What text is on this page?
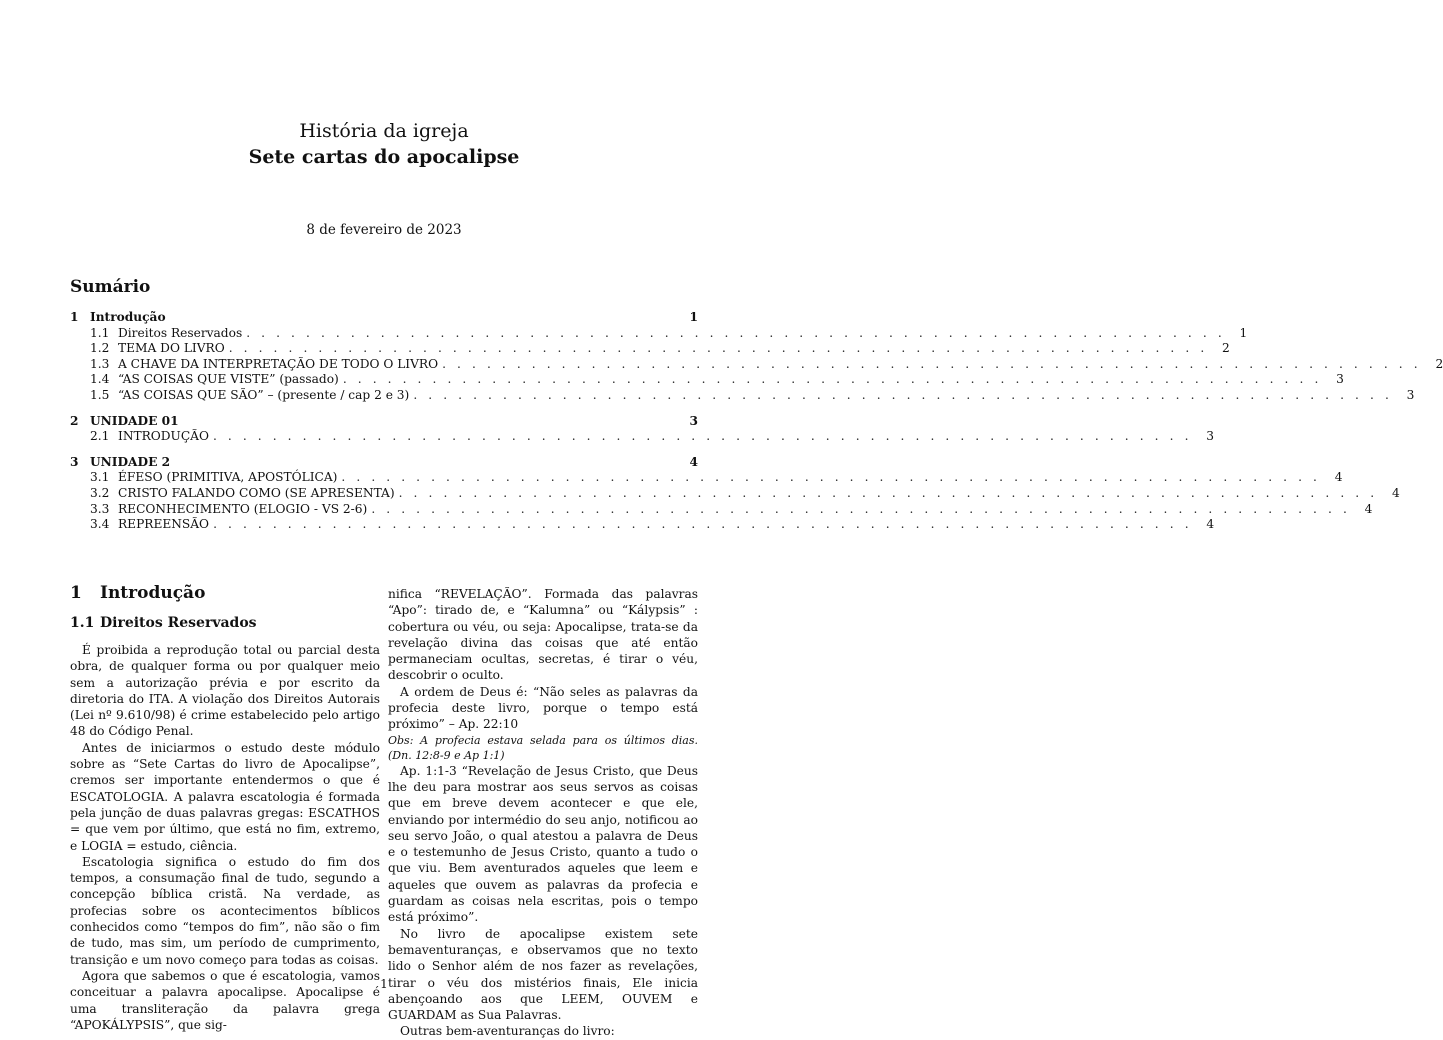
História da igreja
Sete cartas do apocalipse
8 de fevereiro de 2023
Sumário
1 Introdução	1
1.1 Direitos Reservados . . . . . . . . . . . . . . . . . . . . . . . . . . . . . . . . . . . . . . . . . . . . . . . . . . . . . . . . . . . . . . . . . .	1
1.2 TEMA DO LIVRO . . . . . . . . . . . . . . . . . . . . . . . . . . . . . . . . . . . . . . . . . . . . . . . . . . . . . . . . . . . . . . . . . .	2
1.3 A CHAVE DA INTERPRETAÇÃO DE TODO O LIVRO . . . . . . . . . . . . . . . . . . . . . . . . . . . . . . . . . . . . . . . . . . . . . . . . . . . . . . . . . . . . . . . . . .	2
1.4 “AS COISAS QUE VISTE” (passado) . . . . . . . . . . . . . . . . . . . . . . . . . . . . . . . . . . . . . . . . . . . . . . . . . . . . . . . . . . . . . . . . . .	3
1.5 “AS COISAS QUE SÃO” – (presente / cap 2 e 3) . . . . . . . . . . . . . . . . . . . . . . . . . . . . . . . . . . . . . . . . . . . . . . . . . . . . . . . . . . . . . . . . . .	3
2 UNIDADE 01	3
2.1 INTRODUÇÃO . . . . . . . . . . . . . . . . . . . . . . . . . . . . . . . . . . . . . . . . . . . . . . . . . . . . . . . . . . . . . . . . . .	3
3 UNIDADE 2	4
3.1 ÉFESO (PRIMITIVA, APOSTÓLICA) . . . . . . . . . . . . . . . . . . . . . . . . . . . . . . . . . . . . . . . . . . . . . . . . . . . . . . . . . . . . . . . . . .	4
3.2 CRISTO FALANDO COMO (SE APRESENTA) . . . . . . . . . . . . . . . . . . . . . . . . . . . . . . . . . . . . . . . . . . . . . . . . . . . . . . . . . . . . . . . . . .	4
3.3 RECONHECIMENTO (ELOGIO - VS 2-6) . . . . . . . . . . . . . . . . . . . . . . . . . . . . . . . . . . . . . . . . . . . . . . . . . . . . . . . . . . . . . . . . . .	4
3.4 REPREENSÃO . . . . . . . . . . . . . . . . . . . . . . . . . . . . . . . . . . . . . . . . . . . . . . . . . . . . . . . . . . . . . . . . . .	4
1	Introdução
1.1 Direitos Reservados

É proibida a reprodução total ou parcial desta obra, de qualquer forma ou por qualquer meio sem a autorização prévia e por escrito da diretoria do ITA. A violação dos Direitos Autorais (Lei nº 9.610/98) é crime estabelecido pelo artigo 48 do Código Penal.

Antes de iniciarmos o estudo deste módulo sobre as “Sete Cartas do livro de Apocalipse”, cremos ser importante entendermos o que é ESCATOLOGIA. A palavra escatologia é formada pela junção de duas palavras gregas: ESCATHOS = que vem por último, que está no fim, extremo, e LOGIA = estudo, ciência.

Escatologia significa o estudo do fim dos tempos, a consumação final de tudo, segundo a concepção bíblica cristã. Na verdade, as profecias sobre os acontecimentos bíblicos conhecidos como “tempos do fim”, não são o fim de tudo, mas sim, um período de cumprimento, transição e um novo começo para todas as coisas.

Agora que sabemos o que é escatologia, vamos conceituar a palavra apocalipse. Apocalipse é uma transliteração da palavra grega “APOKÁLYPSIS”, que sig-

nifica “REVELAÇÃO”. Formada das palavras “Apo”: tirado de, e “Kalumna” ou “Kálypsis” : cobertura ou véu, ou seja: Apocalipse, trata-se da revelação divina das coisas que até então permaneciam ocultas, secretas, é tirar o véu, descobrir o oculto.

A ordem de Deus é: “Não seles as palavras da profecia deste livro, porque o tempo está próximo” – Ap. 22:10

Obs: A profecia estava selada para os últimos dias. (Dn. 12:8-9 e Ap 1:1)

Ap. 1:1-3 “Revelação de Jesus Cristo, que Deus lhe deu para mostrar aos seus servos as coisas que em breve devem acontecer e que ele, enviando por intermédio do seu anjo, notificou ao seu servo João, o qual atestou a palavra de Deus e o testemunho de Jesus Cristo, quanto a tudo o que viu. Bem aventurados aqueles que leem e aqueles que ouvem as palavras da profecia e guardam as coisas nela escritas, pois o tempo está próximo”.

No livro de apocalipse existem sete bemaventuranças, e observamos que no texto lido o Senhor além de nos fazer as revelações, tirar o véu dos mistérios finais, Ele inicia abençoando aos que LEEM, OUVEM e GUARDAM as Sua Palavras.

Outras bem-aventuranças do livro:

1
